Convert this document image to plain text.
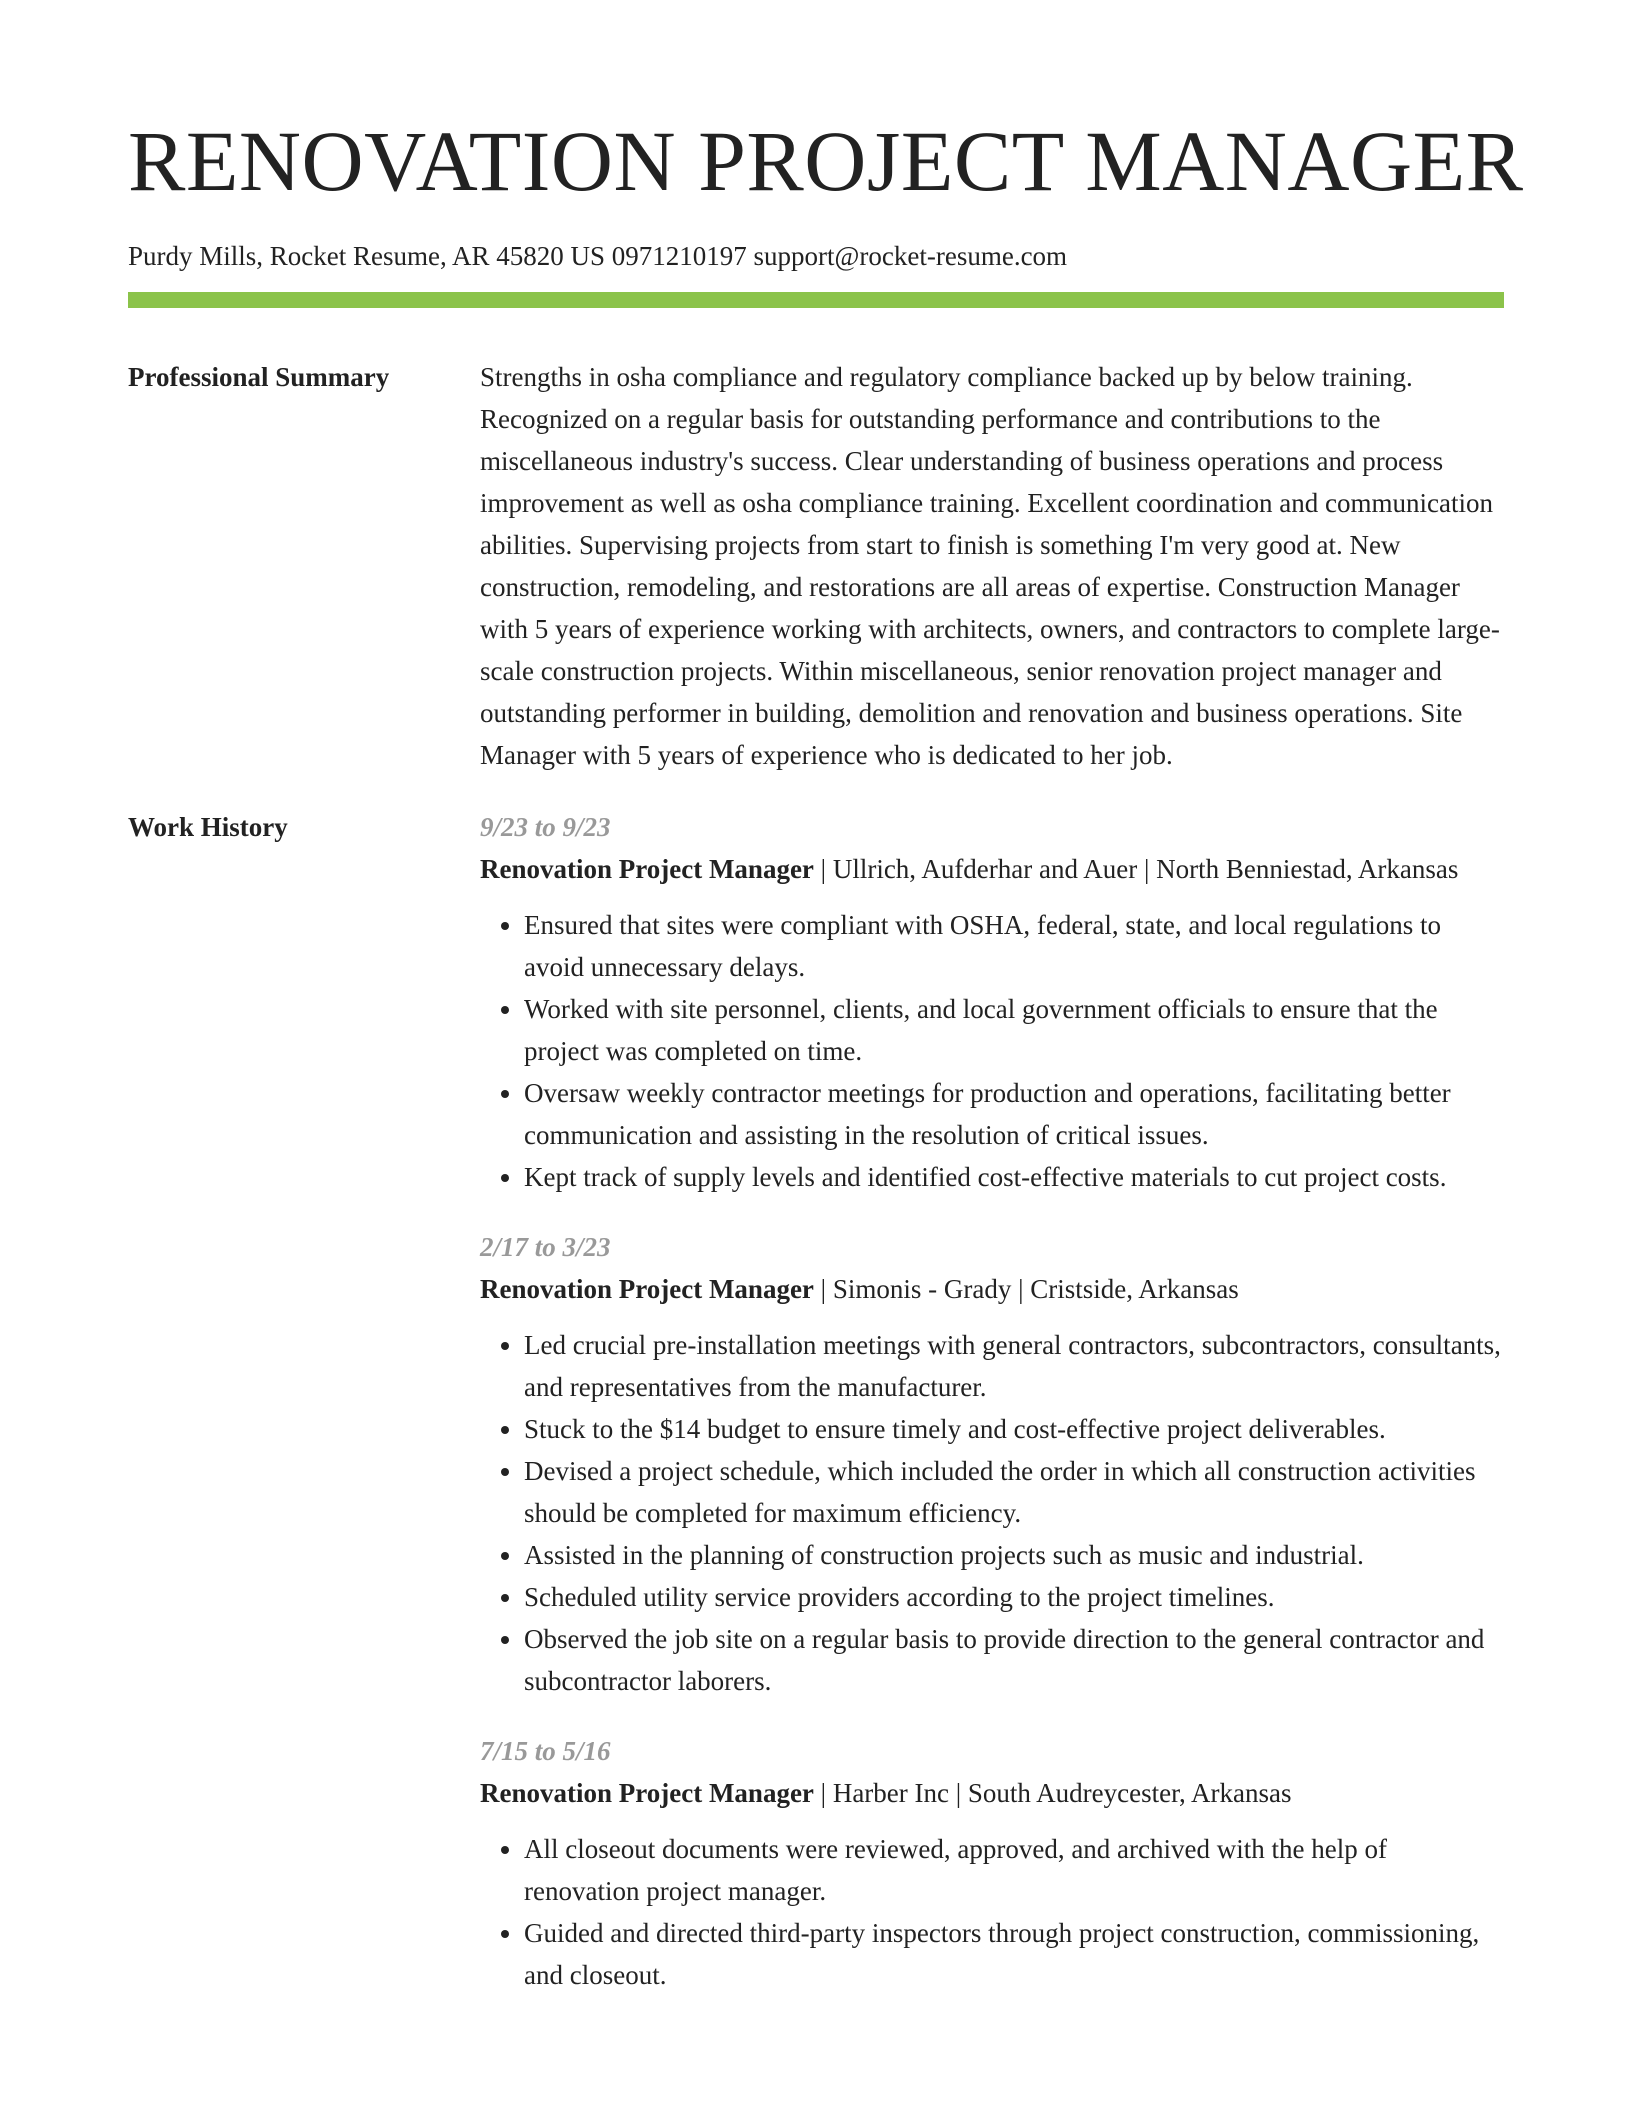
RENOVATION PROJECT MANAGER
Purdy Mills, Rocket Resume, AR 45820 US 0971210197 support@rocket-resume.com
Professional Summary	Strengths in osha compliance and regulatory compliance backed up by below training. Recognized on a regular basis for outstanding performance and contributions to the miscellaneous industry's success. Clear understanding of business operations and process improvement as well as osha compliance training. Excellent coordination and communication abilities. Supervising projects from start to finish is something I'm very good at. New construction, remodeling, and restorations are all areas of expertise. Construction Manager with 5 years of experience working with architects, owners, and contractors to complete large-scale construction projects. Within miscellaneous, senior renovation project manager and outstanding performer in building, demolition and renovation and business operations. Site Manager with 5 years of experience who is dedicated to her job.

Work History	9/23 to 9/23
Renovation Project Manager | Ullrich, Aufderhar and Auer | North Benniestad, Arkansas
• Ensured that sites were compliant with OSHA, federal, state, and local regulations to avoid unnecessary delays.
• Worked with site personnel, clients, and local government officials to ensure that the project was completed on time.
• Oversaw weekly contractor meetings for production and operations, facilitating better communication and assisting in the resolution of critical issues.
• Kept track of supply levels and identified cost-effective materials to cut project costs.
2/17 to 3/23
Renovation Project Manager | Simonis - Grady | Cristside, Arkansas
• Led crucial pre-installation meetings with general contractors, subcontractors, consultants, and representatives from the manufacturer.
• Stuck to the $14 budget to ensure timely and cost-effective project deliverables.
• Devised a project schedule, which included the order in which all construction activities should be completed for maximum efficiency.
• Assisted in the planning of construction projects such as music and industrial.
• Scheduled utility service providers according to the project timelines.
• Observed the job site on a regular basis to provide direction to the general contractor and subcontractor laborers.
7/15 to 5/16
Renovation Project Manager | Harber Inc | South Audreycester, Arkansas
• All closeout documents were reviewed, approved, and archived with the help of renovation project manager.
• Guided and directed third-party inspectors through project construction, commissioning, and closeout.
